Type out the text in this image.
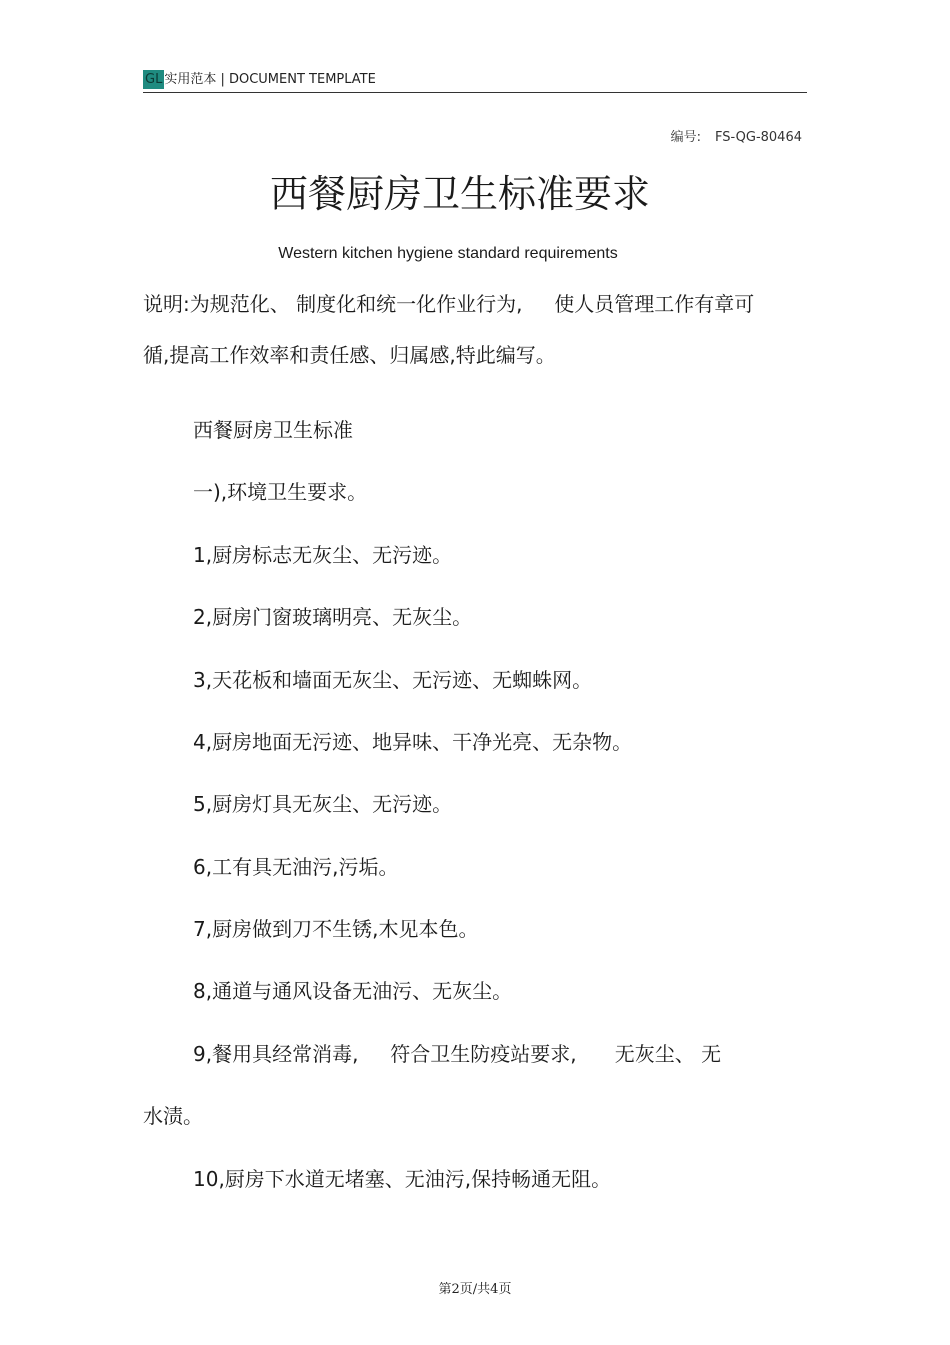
GL 实用范本 | DOCUMENT TEMPLATE
编号: FS-QG-80464
西餐厨房卫生标准要求
Western kitchen hygiene standard requirements
说明:为规范化、 制度化和统一化作业行为,     使人员管理工作有章可
循,提高工作效率和责任感、归属感,特此编写。
西餐厨房卫生标准
一),环境卫生要求。
1,厨房标志无灰尘、无污迹。
2,厨房门窗玻璃明亮、无灰尘。
3,天花板和墙面无灰尘、无污迹、无蜘蛛网。
4,厨房地面无污迹、地异味、干净光亮、无杂物。
5,厨房灯具无灰尘、无污迹。
6,工有具无油污,污垢。
7,厨房做到刀不生锈,木见本色。
8,通道与通风设备无油污、无灰尘。
9,餐用具经常消毒,     符合卫生防疫站要求,      无灰尘、 无
水渍。
10,厨房下水道无堵塞、无油污,保持畅通无阻。
第2页/共4页
